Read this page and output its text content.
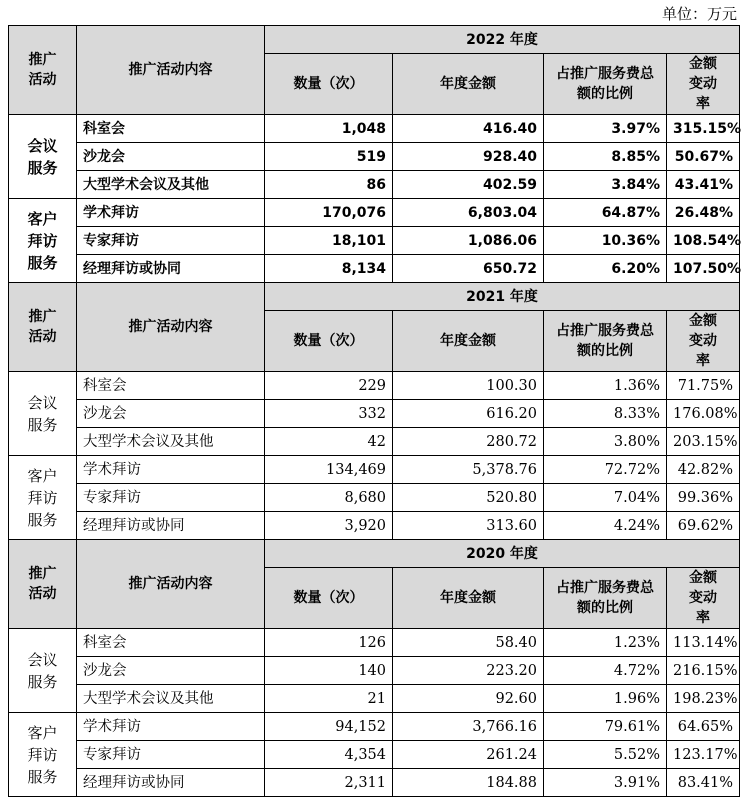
单位：万元
推广活动	推广活动内容	2022 年度			
		数量（次）	年度金额	占推广服务费总额的比例	金额变动率
会议服务	科室会	1,048	416.40	3.97%	315.15%
	沙龙会	519	928.40	8.85%	50.67%
	大型学术会议及其他	86	402.59	3.84%	43.41%
客户拜访服务	学术拜访	170,076	6,803.04	64.87%	26.48%
	专家拜访	18,101	1,086.06	10.36%	108.54%
	经理拜访或协同	8,134	650.72	6.20%	107.50%
推广活动	推广活动内容	2021 年度			
		数量（次）	年度金额	占推广服务费总额的比例	金额变动率
会议服务	科室会	229	100.30	1.36%	71.75%
	沙龙会	332	616.20	8.33%	176.08%
	大型学术会议及其他	42	280.72	3.80%	203.15%
客户拜访服务	学术拜访	134,469	5,378.76	72.72%	42.82%
	专家拜访	8,680	520.80	7.04%	99.36%
	经理拜访或协同	3,920	313.60	4.24%	69.62%
推广活动	推广活动内容	2020 年度			
		数量（次）	年度金额	占推广服务费总额的比例	金额变动率
会议服务	科室会	126	58.40	1.23%	113.14%
	沙龙会	140	223.20	4.72%	216.15%
	大型学术会议及其他	21	92.60	1.96%	198.23%
客户拜访服务	学术拜访	94,152	3,766.16	79.61%	64.65%
	专家拜访	4,354	261.24	5.52%	123.17%
	经理拜访或协同	2,311	184.88	3.91%	83.41%
